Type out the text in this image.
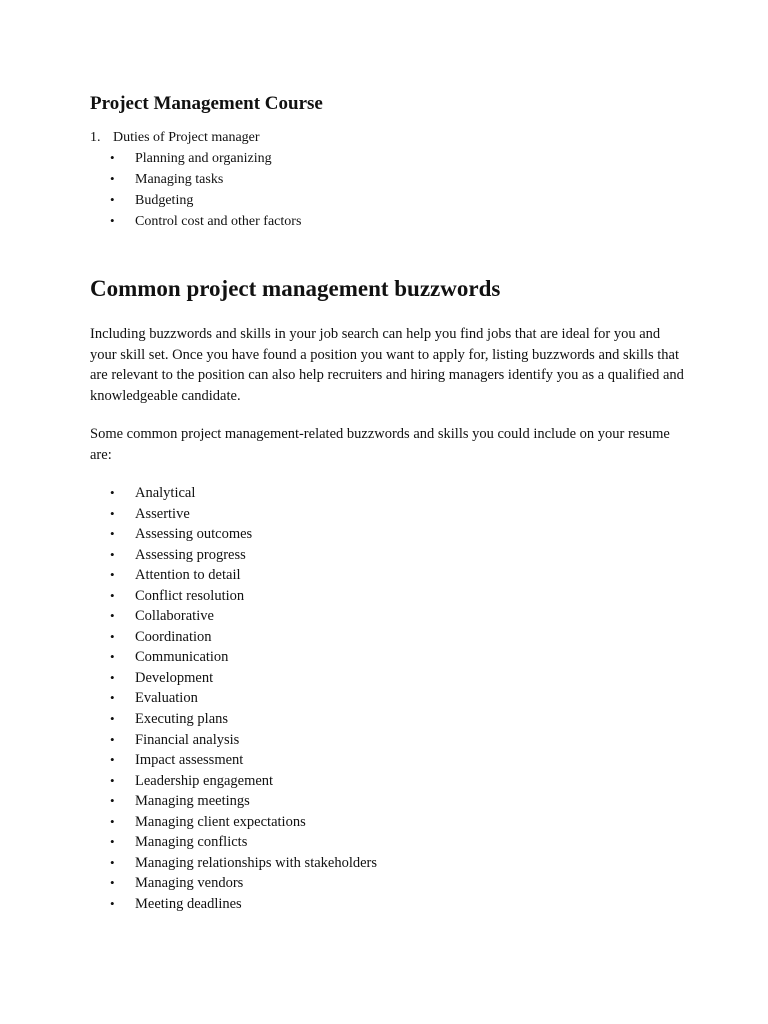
Project Management Course
1. Duties of Project manager
•	Planning and organizing
•	Managing tasks
•	Budgeting
•	Control cost and other factors
Common project management buzzwords

Including buzzwords and skills in your job search can help you find jobs that are ideal for you and your skill set. Once you have found a position you want to apply for, listing buzzwords and skills that are relevant to the position can also help recruiters and hiring managers identify you as a qualified and knowledgeable candidate.

Some common project management-related buzzwords and skills you could include on your resume are:

•	Analytical
•	Assertive
•	Assessing outcomes
•	Assessing progress
•	Attention to detail
•	Conflict resolution
•	Collaborative
•	Coordination
•	Communication
•	Development
•	Evaluation
•	Executing plans
•	Financial analysis
•	Impact assessment
•	Leadership engagement
•	Managing meetings
•	Managing client expectations
•	Managing conflicts
•	Managing relationships with stakeholders
•	Managing vendors
•	Meeting deadlines
